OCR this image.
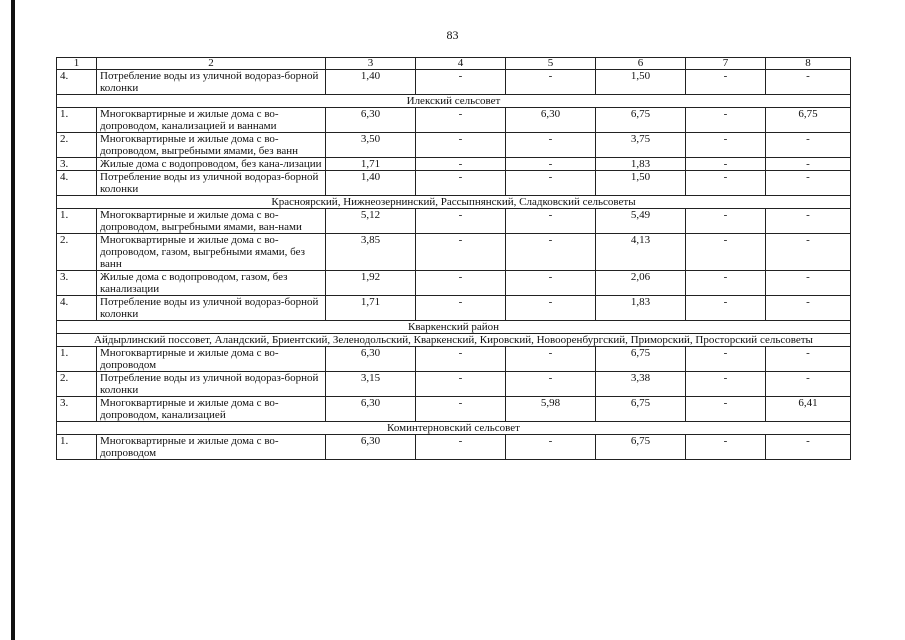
83
1	2	3	4	5	6	7	8
4.	Потребление воды из уличной водораз-борной колонки	1,40	-	-	1,50	-	-
Илекский сельсовет							
1.	Многоквартирные и жилые дома с во-допроводом, канализацией и ваннами	6,30	-	6,30	6,75	-	6,75
2.	Многоквартирные и жилые дома с во-допроводом, выгребными ямами, без ванн	3,50	-	-	3,75	-	-
3.	Жилые дома с водопроводом, без кана-лизации	1,71	-	-	1,83	-	-
4.	Потребление воды из уличной водораз-борной колонки	1,40	-	-	1,50	-	-
Красноярский, Нижнеозернинский, Рассыпнянский, Сладковский сельсоветы							
1.	Многоквартирные и жилые дома с во-допроводом, выгребными ямами, ван-нами	5,12	-	-	5,49	-	-
2.	Многоквартирные и жилые дома с во-допроводом, газом, выгребными ямами, без ванн	3,85	-	-	4,13	-	-
3.	Жилые дома с водопроводом, газом, без канализации	1,92	-	-	2,06	-	-
4.	Потребление воды из уличной водораз-борной колонки	1,71	-	-	1,83	-	-
Кваркенский район							
Айдырлинский поссовет, Аландский, Бриентский, Зеленодольский, Кваркенский, Кировский, Новооренбургский, Приморский, Просторский сельсоветы							
1.	Многоквартирные и жилые дома с во-допроводом	6,30	-	-	6,75	-	-
2.	Потребление воды из уличной водораз-борной колонки	3,15	-	-	3,38	-	-
3.	Многоквартирные и жилые дома с во-допроводом, канализацией	6,30	-	5,98	6,75	-	6,41
Коминтерновский сельсовет							
1.	Многоквартирные и жилые дома с во-допроводом	6,30	-	-	6,75	-	-
